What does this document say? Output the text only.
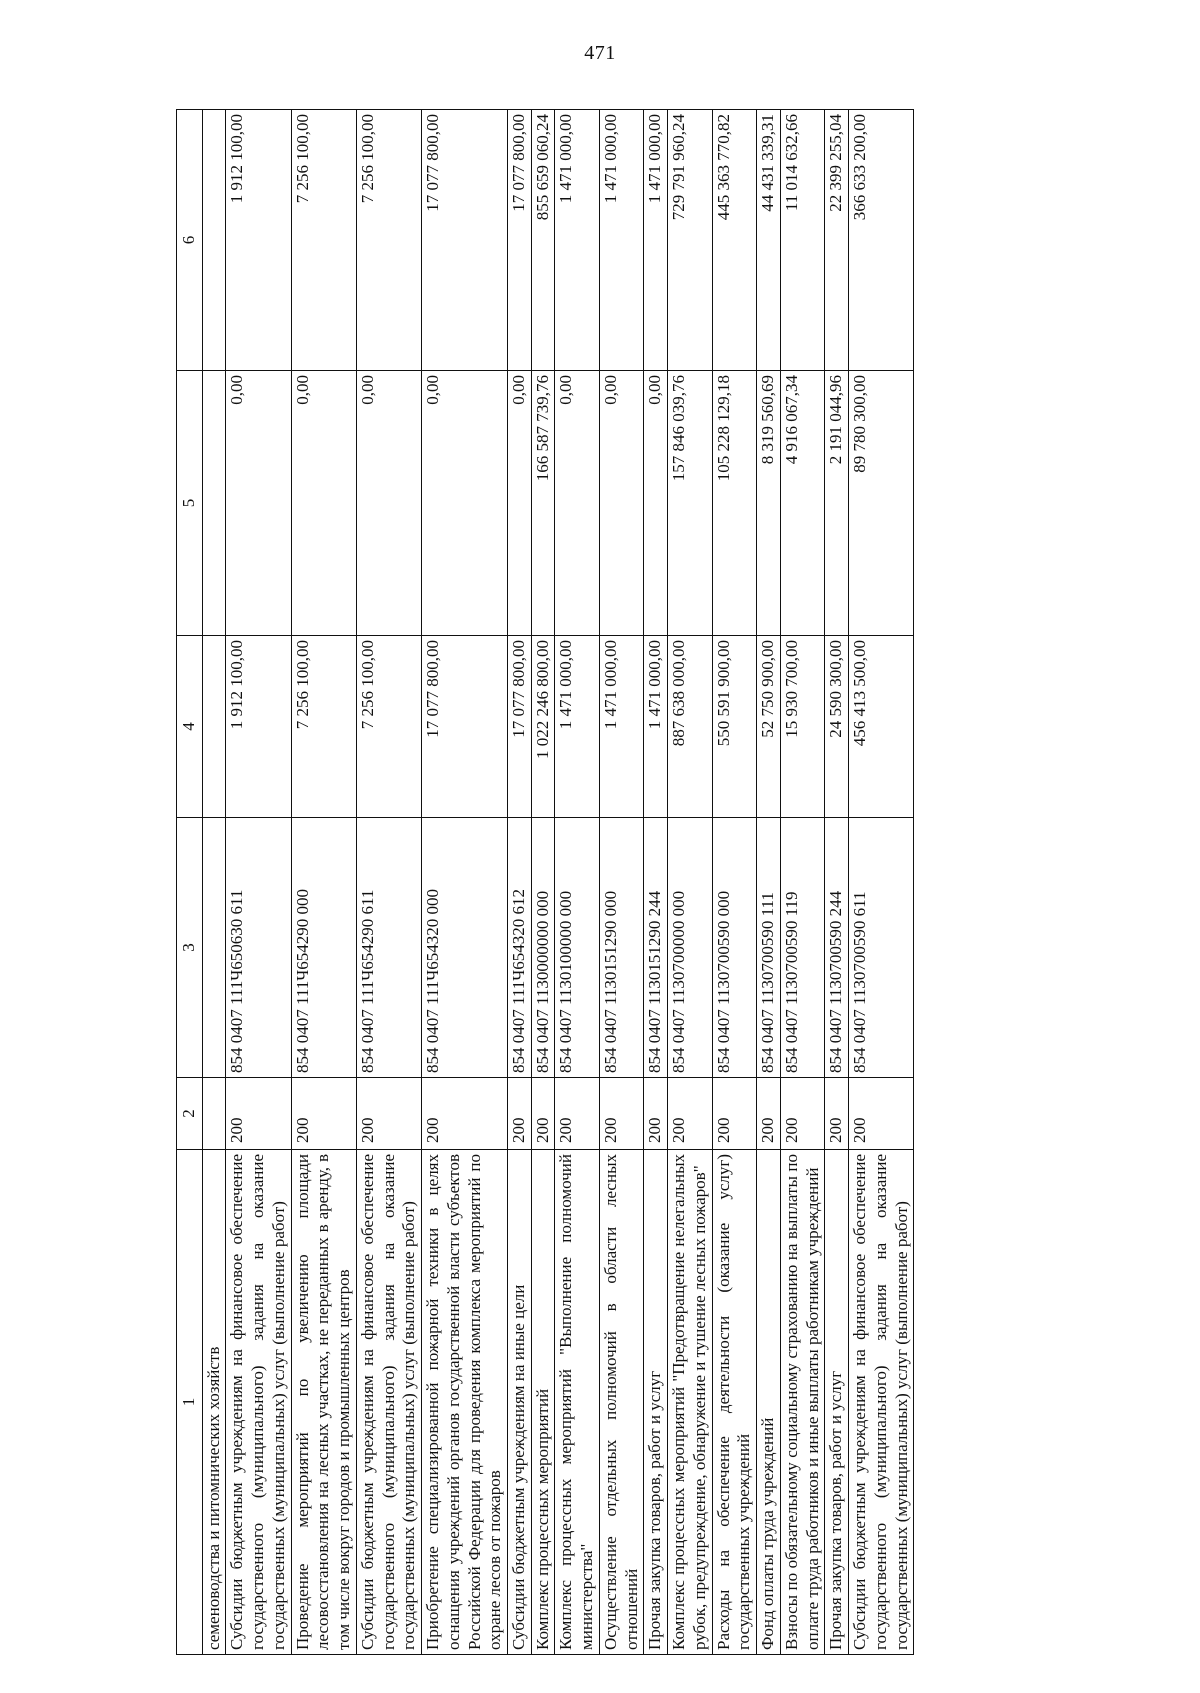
471
1	2	3	4	5	6
семеноводства и питомнических хозяйств					
Субсидии бюджетным учреждениям на финансовое обеспечение государственного (муниципального) задания на оказание государственных (муниципальных) услуг (выполнение работ)	200	854 0407 111Ч650630 611	1 912 100,00	0,00	1 912 100,00
Проведение мероприятий по увеличению площади лесовосстановления на лесных участках, не переданных в аренду, в том числе вокруг городов и промышленных центров	200	854 0407 111Ч654290 000	7 256 100,00	0,00	7 256 100,00
Субсидии бюджетным учреждениям на финансовое обеспечение государственного (муниципального) задания на оказание государственных (муниципальных) услуг (выполнение работ)	200	854 0407 111Ч654290 611	7 256 100,00	0,00	7 256 100,00
Приобретение специализированной пожарной техники в целях оснащения учреждений органов государственной власти субъектов Российской Федерации для проведения комплекса мероприятий по охране лесов от пожаров	200	854 0407 111Ч654320 000	17 077 800,00	0,00	17 077 800,00
Субсидии бюджетным учреждениям на иные цели	200	854 0407 111Ч654320 612	17 077 800,00	0,00	17 077 800,00
Комплекс процессных мероприятий	200	854 0407 1130000000 000	1 022 246 800,00	166 587 739,76	855 659 060,24
Комплекс процессных мероприятий "Выполнение полномочий министерства"	200	854 0407 1130100000 000	1 471 000,00	0,00	1 471 000,00
Осуществление отдельных полномочий в области лесных отношений	200	854 0407 1130151290 000	1 471 000,00	0,00	1 471 000,00
Прочая закупка товаров, работ и услуг	200	854 0407 1130151290 244	1 471 000,00	0,00	1 471 000,00
Комплекс процессных мероприятий "Предотвращение нелегальных рубок, предупреждение, обнаружение и тушение лесных пожаров"	200	854 0407 1130700000 000	887 638 000,00	157 846 039,76	729 791 960,24
Расходы на обеспечение деятельности (оказание услуг) государственных учреждений	200	854 0407 1130700590 000	550 591 900,00	105 228 129,18	445 363 770,82
Фонд оплаты труда учреждений	200	854 0407 1130700590 111	52 750 900,00	8 319 560,69	44 431 339,31
Взносы по обязательному социальному страхованию на выплаты по оплате труда работников и иные выплаты работникам учреждений	200	854 0407 1130700590 119	15 930 700,00	4 916 067,34	11 014 632,66
Прочая закупка товаров, работ и услуг	200	854 0407 1130700590 244	24 590 300,00	2 191 044,96	22 399 255,04
Субсидии бюджетным учреждениям на финансовое обеспечение государственного (муниципального) задания на оказание государственных (муниципальных) услуг (выполнение работ)	200	854 0407 1130700590 611	456 413 500,00	89 780 300,00	366 633 200,00
